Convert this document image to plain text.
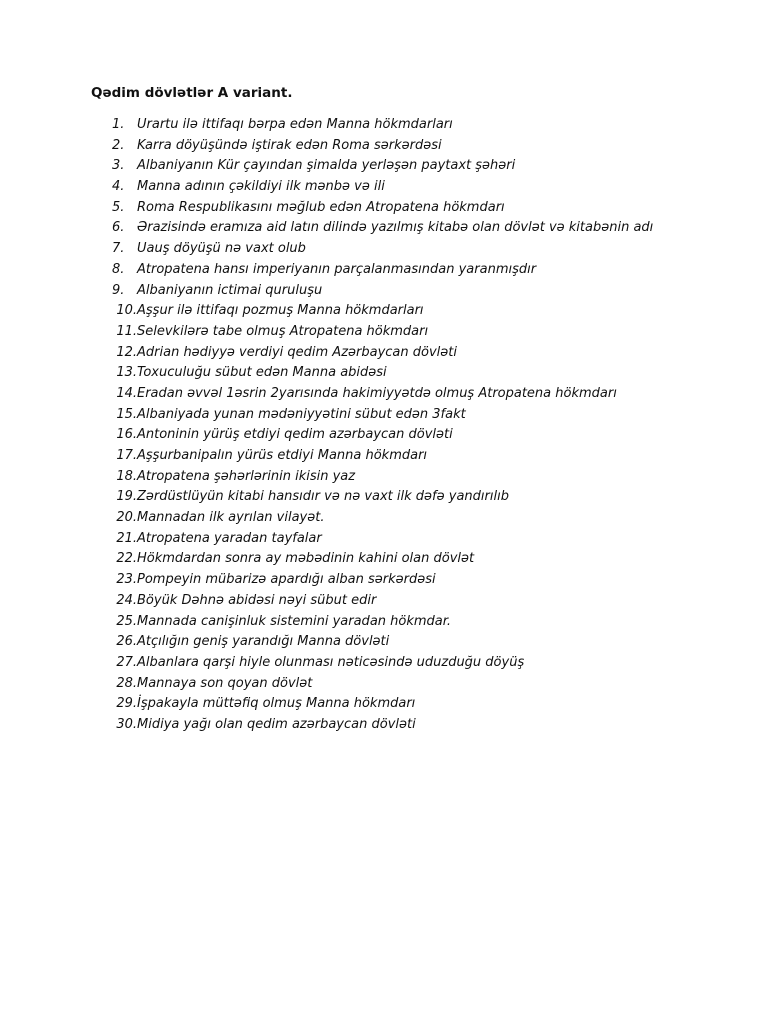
Qədim dövlətlər A variant.
1. Urartu ilə ittifaqı bərpa edən Manna hökmdarları
2. Karra döyüşündə iştirak edən Roma sərkərdəsi
3. Albaniyanın Kür çayından şimalda yerləşən paytaxt şəhəri
4. Manna adının çəkildiyi ilk mənbə və ili
5. Roma Respublikasını məğlub edən Atropatena hökmdarı
6. Ərazisində eramıza aid latın dilində yazılmış kitabə olan dövlət və kitabənin adı
7. Uauş döyüşü nə vaxt olub
8. Atropatena hansı imperiyanın parçalanmasından yaranmışdır
9. Albaniyanın ictimai quruluşu
10. Aşşur ilə ittifaqı pozmuş Manna hökmdarları
11. Selevkilərə tabe olmuş Atropatena hökmdarı
12. Adrian hədiyyə verdiyi qedim Azərbaycan dövləti
13. Toxuculuğu sübut edən Manna abidəsi
14. Eradan əvvəl 1əsrin 2yarısında hakimiyyətdə olmuş Atropatena hökmdarı
15. Albaniyada yunan mədəniyyətini sübut edən 3fakt
16. Antoninin yürüş etdiyi qedim azərbaycan dövləti
17. Aşşurbanipalın yürüs etdiyi Manna hökmdarı
18. Atropatena şəhərlərinin ikisin yaz
19. Zərdüstlüyün kitabi hansıdır və nə vaxt ilk dəfə yandırılıb
20. Mannadan ilk ayrılan vilayət.
21. Atropatena yaradan tayfalar
22. Hökmdardan sonra ay məbədinin kahini olan dövlət
23. Pompeyin mübarizə apardığı alban sərkərdəsi
24. Böyük Dəhnə abidəsi nəyi sübut edir
25. Mannada canişinluk sistemini yaradan hökmdar.
26. Atçılığın geniş yarandığı Manna dövləti
27. Albanlara qarşi hiyle olunması nəticəsində uduzduğu döyüş
28. Mannaya son qoyan dövlət
29. İşpakayla müttəfiq olmuş Manna hökmdarı
30. Midiya yağı olan qedim azərbaycan dövləti
